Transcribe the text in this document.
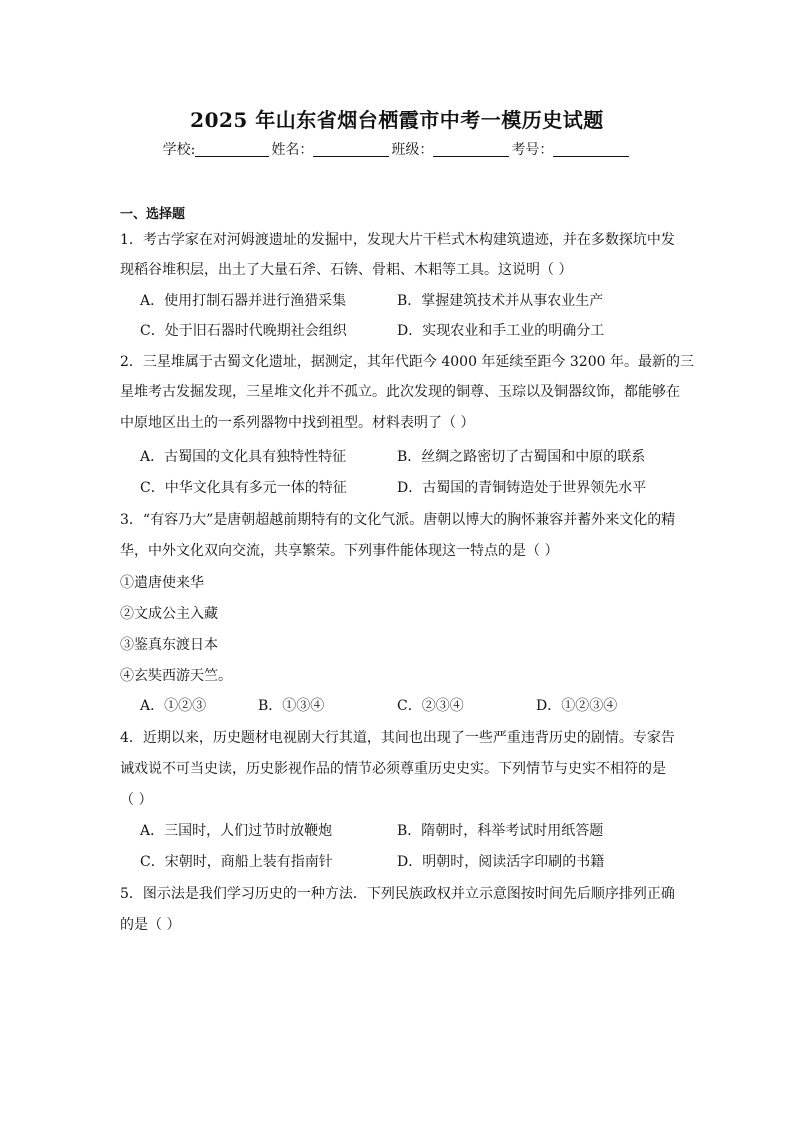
2025 年山东省烟台栖霞市中考一模历史试题
学校:	姓名：	班级：	考号：
一、选择题
1．考古学家在对河姆渡遗址的发掘中，发现大片干栏式木构建筑遗迹，并在多数探坑中发
现稻谷堆积层，出土了大量石斧、石锛、骨耜、木耜等工具。这说明（ ）
A．使用打制石器并进行渔猎采集	B．掌握建筑技术并从事农业生产
C．处于旧石器时代晚期社会组织	D．实现农业和手工业的明确分工
2．三星堆属于古蜀文化遗址，据测定，其年代距今 4000 年延续至距今 3200 年。最新的三
星堆考古发掘发现，三星堆文化并不孤立。此次发现的铜尊、玉琮以及铜器纹饰，都能够在
中原地区出土的一系列器物中找到祖型。材料表明了（ ）
A．古蜀国的文化具有独特性特征	B．丝绸之路密切了古蜀国和中原的联系
C．中华文化具有多元一体的特征	D．古蜀国的青铜铸造处于世界领先水平
3．“有容乃大”是唐朝超越前期特有的文化气派。唐朝以博大的胸怀兼容并蓄外来文化的精
华，中外文化双向交流，共享繁荣。下列事件能体现这一特点的是（ ）
①遣唐使来华
②文成公主入藏
③鉴真东渡日本
④玄奘西游天竺。
A．①②③	B．①③④	C．②③④	D．①②③④
4．近期以来，历史题材电视剧大行其道，其间也出现了一些严重违背历史的剧情。专家告
诫戏说不可当史读，历史影视作品的情节必须尊重历史史实。下列情节与史实不相符的是
（ ）
A．三国时，人们过节时放鞭炮	B．隋朝时，科举考试时用纸答题
C．宋朝时，商船上装有指南针	D．明朝时，阅读活字印刷的书籍
5．图示法是我们学习历史的一种方法．下列民族政权并立示意图按时间先后顺序排列正确
的是（ ）
